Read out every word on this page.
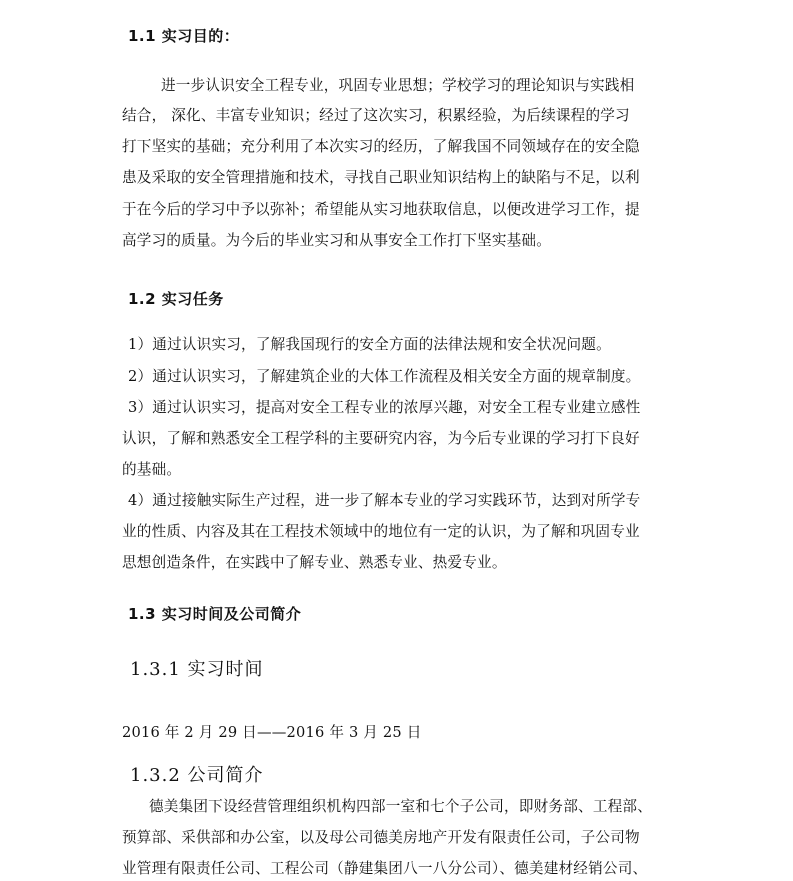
1.1 实习目的：
进一步认识安全工程专业，巩固专业思想；学校学习的理论知识与实践相
结合， 深化、丰富专业知识；经过了这次实习，积累经验，为后续课程的学习
打下坚实的基础；充分利用了本次实习的经历，了解我国不同领域存在的安全隐
患及采取的安全管理措施和技术，寻找自己职业知识结构上的缺陷与不足，以利
于在今后的学习中予以弥补；希望能从实习地获取信息，以便改进学习工作，提
高学习的质量。为今后的毕业实习和从事安全工作打下坚实基础。
1.2 实习任务
1）通过认识实习，了解我国现行的安全方面的法律法规和安全状况问题。
2）通过认识实习，了解建筑企业的大体工作流程及相关安全方面的规章制度。
3）通过认识实习，提高对安全工程专业的浓厚兴趣，对安全工程专业建立感性
认识，了解和熟悉安全工程学科的主要研究内容，为今后专业课的学习打下良好
的基础。
4）通过接触实际生产过程，进一步了解本专业的学习实践环节，达到对所学专
业的性质、内容及其在工程技术领域中的地位有一定的认识，为了解和巩固专业
思想创造条件，在实践中了解专业、熟悉专业、热爱专业。
1.3 实习时间及公司简介
1.3.1 实习时间
2016 年 2 月 29 日——2016 年 3 月 25 日
1.3.2 公司简介
德美集团下设经营管理组织机构四部一室和七个子公司，即财务部、工程部、
预算部、采供部和办公室，以及母公司德美房地产开发有限责任公司，子公司物
业管理有限责任公司、工程公司（静建集团八一八分公司）、德美建材经销公司、
